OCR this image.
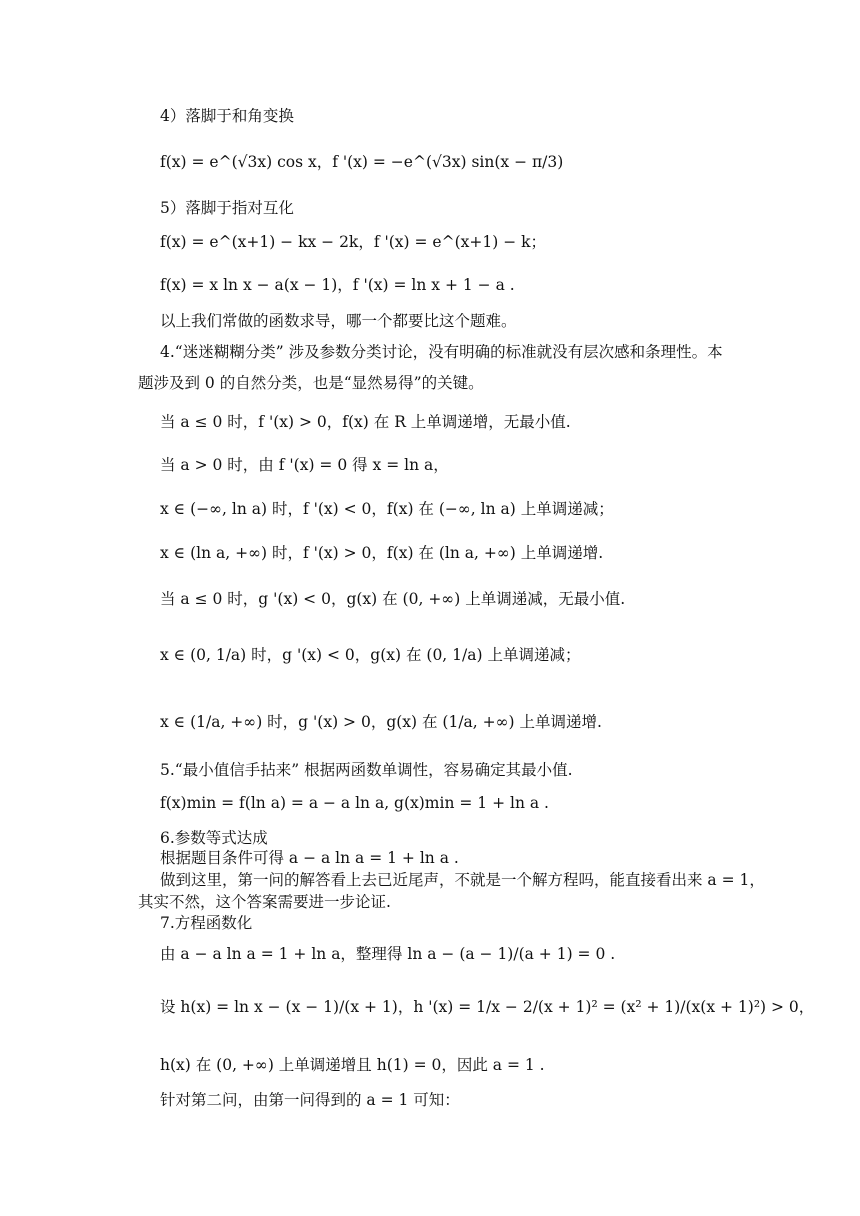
4）落脚于和角变换
f(x) = e^(√3x) cos x，f '(x) = −e^(√3x) sin(x − π/3)
5）落脚于指对互化
f(x) = e^(x+1) − kx − 2k，f '(x) = e^(x+1) − k；
f(x) = x ln x − a(x − 1)，f '(x) = ln x + 1 − a .
以上我们常做的函数求导，哪一个都要比这个题难。
4.“迷迷糊糊分类” 涉及参数分类讨论，没有明确的标准就没有层次感和条理性。本
题涉及到 0 的自然分类，也是“显然易得”的关键。
当 a ≤ 0 时，f '(x) > 0，f(x) 在 R 上单调递增，无最小值.
当 a > 0 时，由 f '(x) = 0 得 x = ln a，
x ∈ (−∞, ln a) 时，f '(x) < 0，f(x) 在 (−∞, ln a) 上单调递减；
x ∈ (ln a, +∞) 时，f '(x) > 0，f(x) 在 (ln a, +∞) 上单调递增.
当 a ≤ 0 时，g '(x) < 0，g(x) 在 (0, +∞) 上单调递减，无最小值.
x ∈ (0, 1/a) 时，g '(x) < 0，g(x) 在 (0, 1/a) 上单调递减；
x ∈ (1/a, +∞) 时，g '(x) > 0，g(x) 在 (1/a, +∞) 上单调递增.
5.“最小值信手拈来” 根据两函数单调性，容易确定其最小值.
f(x)min = f(ln a) = a − a ln a, g(x)min = 1 + ln a .
6.参数等式达成
根据题目条件可得 a − a ln a = 1 + ln a .
做到这里，第一问的解答看上去已近尾声，不就是一个解方程吗，能直接看出来 a = 1，
其实不然，这个答案需要进一步论证.
7.方程函数化
由 a − a ln a = 1 + ln a，整理得 ln a − (a − 1)/(a + 1) = 0 .
设 h(x) = ln x − (x − 1)/(x + 1)，h '(x) = 1/x − 2/(x + 1)² = (x² + 1)/(x(x + 1)²) > 0，
h(x) 在 (0, +∞) 上单调递增且 h(1) = 0，因此 a = 1 .
针对第二问，由第一问得到的 a = 1 可知：
